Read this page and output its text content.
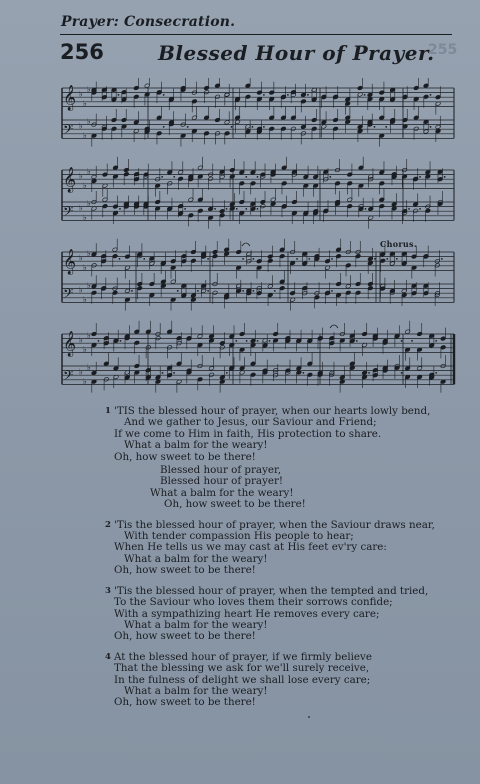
Prayer: Consecration.
256	Blessed Hour of Prayer.
255
𝄞 ♭
♭
♭
𝄢 ♭
♭
♭
𝄞 ♭
♭
♭
𝄢 ♭
♭
♭
𝄞 ♭
♭
♭
𝄢 ♭
♭
♭
𝄞 ♭
♭
♭
𝄢 ♭
♭
♭
Chorus.
1 'TIS the blessed hour of prayer, when our hearts lowly bend,
And we gather to Jesus, our Saviour and Friend;
If we come to Him in faith, His protection to share.
What a balm for the weary!
Oh, how sweet to be there!
Blessed hour of prayer,
Blessed hour of prayer!
What a balm for the weary!
Oh, how sweet to be there!
2 'Tis the blessed hour of prayer, when the Saviour draws near,
With tender compassion His people to hear;
When He tells us we may cast at His feet ev'ry care:
What a balm for the weary!
Oh, how sweet to be there!
3 'Tis the blessed hour of prayer, when the tempted and tried,
To the Saviour who loves them their sorrows confide;
With a sympathizing heart He removes every care;
What a balm for the weary!
Oh, how sweet to be there!
4 At the blessed hour of prayer, if we firmly believe
That the blessing we ask for we'll surely receive,
In the fulness of delight we shall lose every care;
What a balm for the weary!
Oh, how sweet to be there!
